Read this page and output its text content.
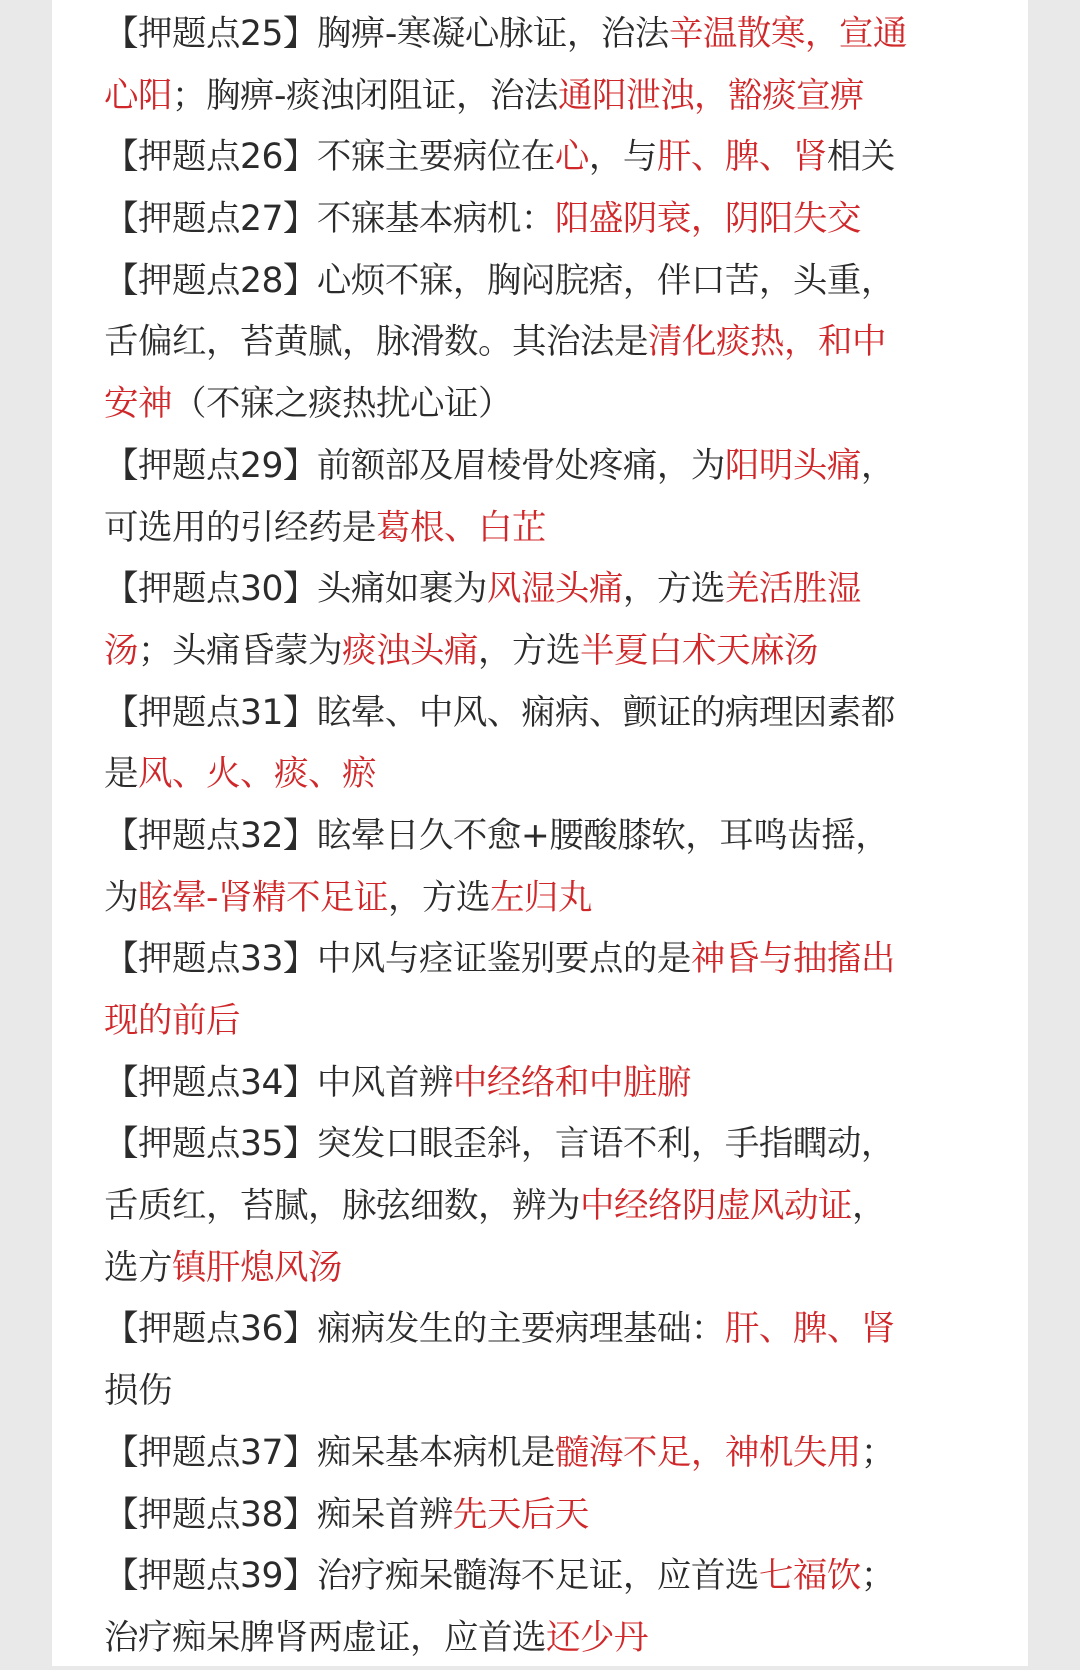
【押题点25】胸痹-寒凝心脉证，治法辛温散寒，宣通
心阳；胸痹-痰浊闭阻证，治法通阳泄浊，豁痰宣痹
【押题点26】不寐主要病位在心，与肝、脾、肾相关
【押题点27】不寐基本病机：阳盛阴衰，阴阳失交
【押题点28】心烦不寐，胸闷脘痞，伴口苦，头重，
舌偏红，苔黄腻，脉滑数。其治法是清化痰热，和中
安神（不寐之痰热扰心证）
【押题点29】前额部及眉棱骨处疼痛，为阳明头痛，
可选用的引经药是葛根、白芷
【押题点30】头痛如裹为风湿头痛，方选羌活胜湿
汤；头痛昏蒙为痰浊头痛，方选半夏白术天麻汤
【押题点31】眩晕、中风、痫病、颤证的病理因素都
是风、火、痰、瘀
【押题点32】眩晕日久不愈+腰酸膝软，耳鸣齿摇，
为眩晕-肾精不足证，方选左归丸
【押题点33】中风与痉证鉴别要点的是神昏与抽搐出
现的前后
【押题点34】中风首辨中经络和中脏腑
【押题点35】突发口眼歪斜，言语不利，手指瞤动，
舌质红，苔腻，脉弦细数，辨为中经络阴虚风动证，
选方镇肝熄风汤
【押题点36】痫病发生的主要病理基础：肝、脾、肾
损伤
【押题点37】痴呆基本病机是髓海不足，神机失用；
【押题点38】痴呆首辨先天后天
【押题点39】治疗痴呆髓海不足证，应首选七福饮；
治疗痴呆脾肾两虚证，应首选还少丹
